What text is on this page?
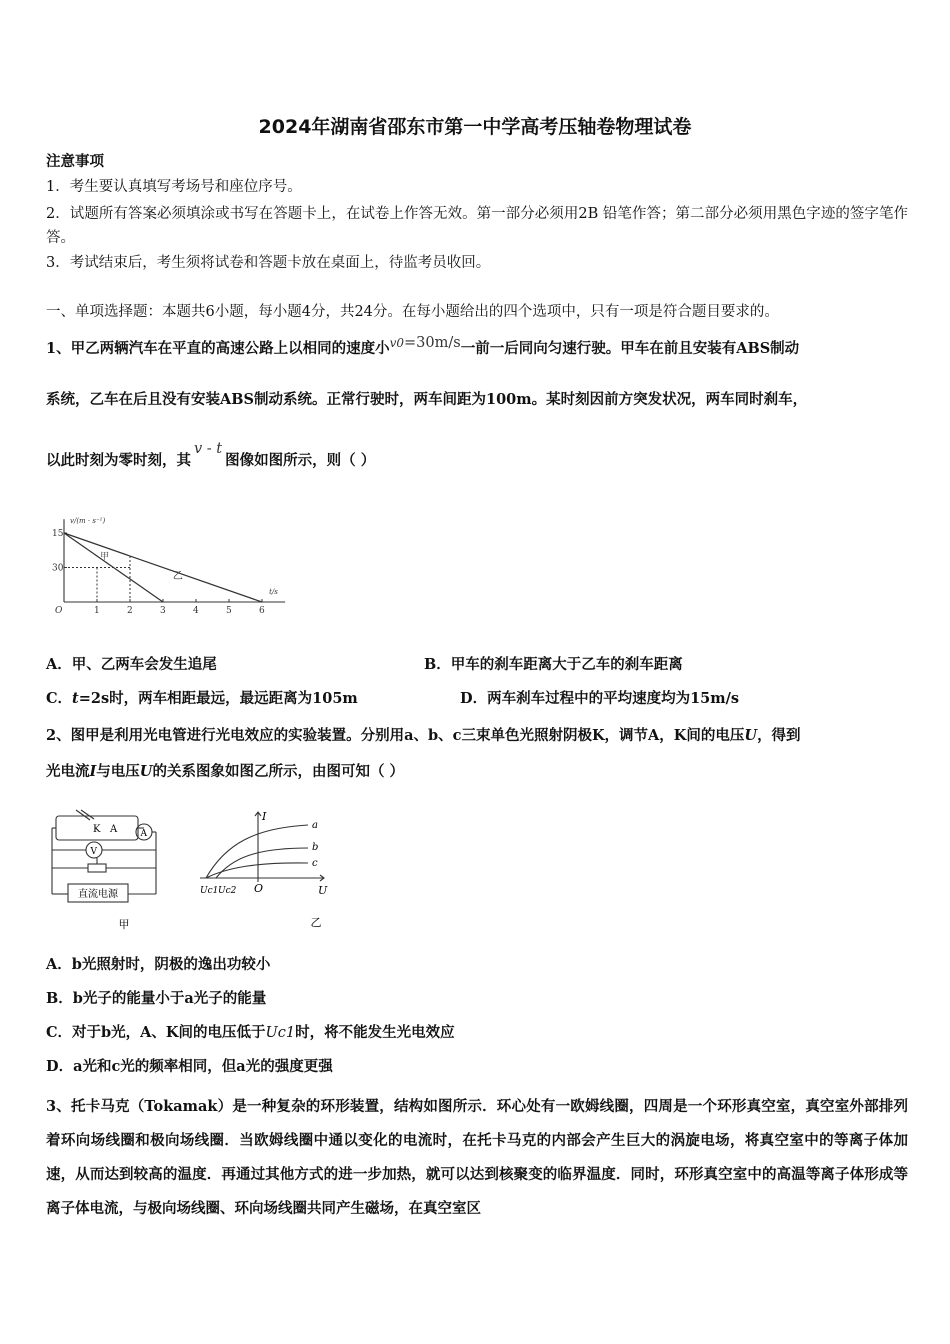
2024年湖南省邵东市第一中学高考压轴卷物理试卷
注意事项
1．考生要认真填写考场号和座位序号。
2．试题所有答案必须填涂或书写在答题卡上，在试卷上作答无效。第一部分必须用2B 铅笔作答；第二部分必须用黑色字迹的签字笔作答。
3．考试结束后，考生须将试卷和答题卡放在桌面上，待监考员收回。
一、单项选择题：本题共6小题，每小题4分，共24分。在每小题给出的四个选项中，只有一项是符合题目要求的。
1、甲乙两辆汽车在平直的高速公路上以相同的速度小$^{v0}$=30m/s一前一后同向匀速行驶。甲车在前且安装有ABS制动
系统，乙车在后且没有安装ABS制动系统。正常行驶时，两车间距为100m。某时刻因前方突发状况，两车同时刹车，
以此时刻为零时刻，其v - t图像如图所示，则（ ）
30
15
1	2	3	4	5	6
O
v/(m · s⁻¹)
t/s
甲
乙
A．甲、乙两车会发生追尾	B．甲车的刹车距离大于乙车的刹车距离
C．t=2s时，两车相距最远，最远距离为105m	D．两车刹车过程中的平均速度均为15m/s
2、图甲是利用光电管进行光电效应的实验装置。分别用a、b、c三束单色光照射阴极K，调节A，K间的电压U，得到
光电流I与电压U的关系图象如图乙所示，由图可知（ ）
K A	A
V
直流电源
甲
I
U
O
Uc1 Uc2
a
b
c
乙
A．b光照射时，阴极的逸出功较小
B．b光子的能量小于a光子的能量
C．对于b光，A、K间的电压低于Uc1时，将不能发生光电效应
D．a光和c光的频率相同，但a光的强度更强
3、托卡马克（Tokamak）是一种复杂的环形装置，结构如图所示．环心处有一欧姆线圈，四周是一个环形真空室，真空室外部排列着环向场线圈和极向场线圈．当欧姆线圈中通以变化的电流时，在托卡马克的内部会产生巨大的涡旋电场，将真空室中的等离子体加速，从而达到较高的温度．再通过其他方式的进一步加热，就可以达到核聚变的临界温度．同时，环形真空室中的高温等离子体形成等离子体电流，与极向场线圈、环向场线圈共同产生磁场，在真空室区
